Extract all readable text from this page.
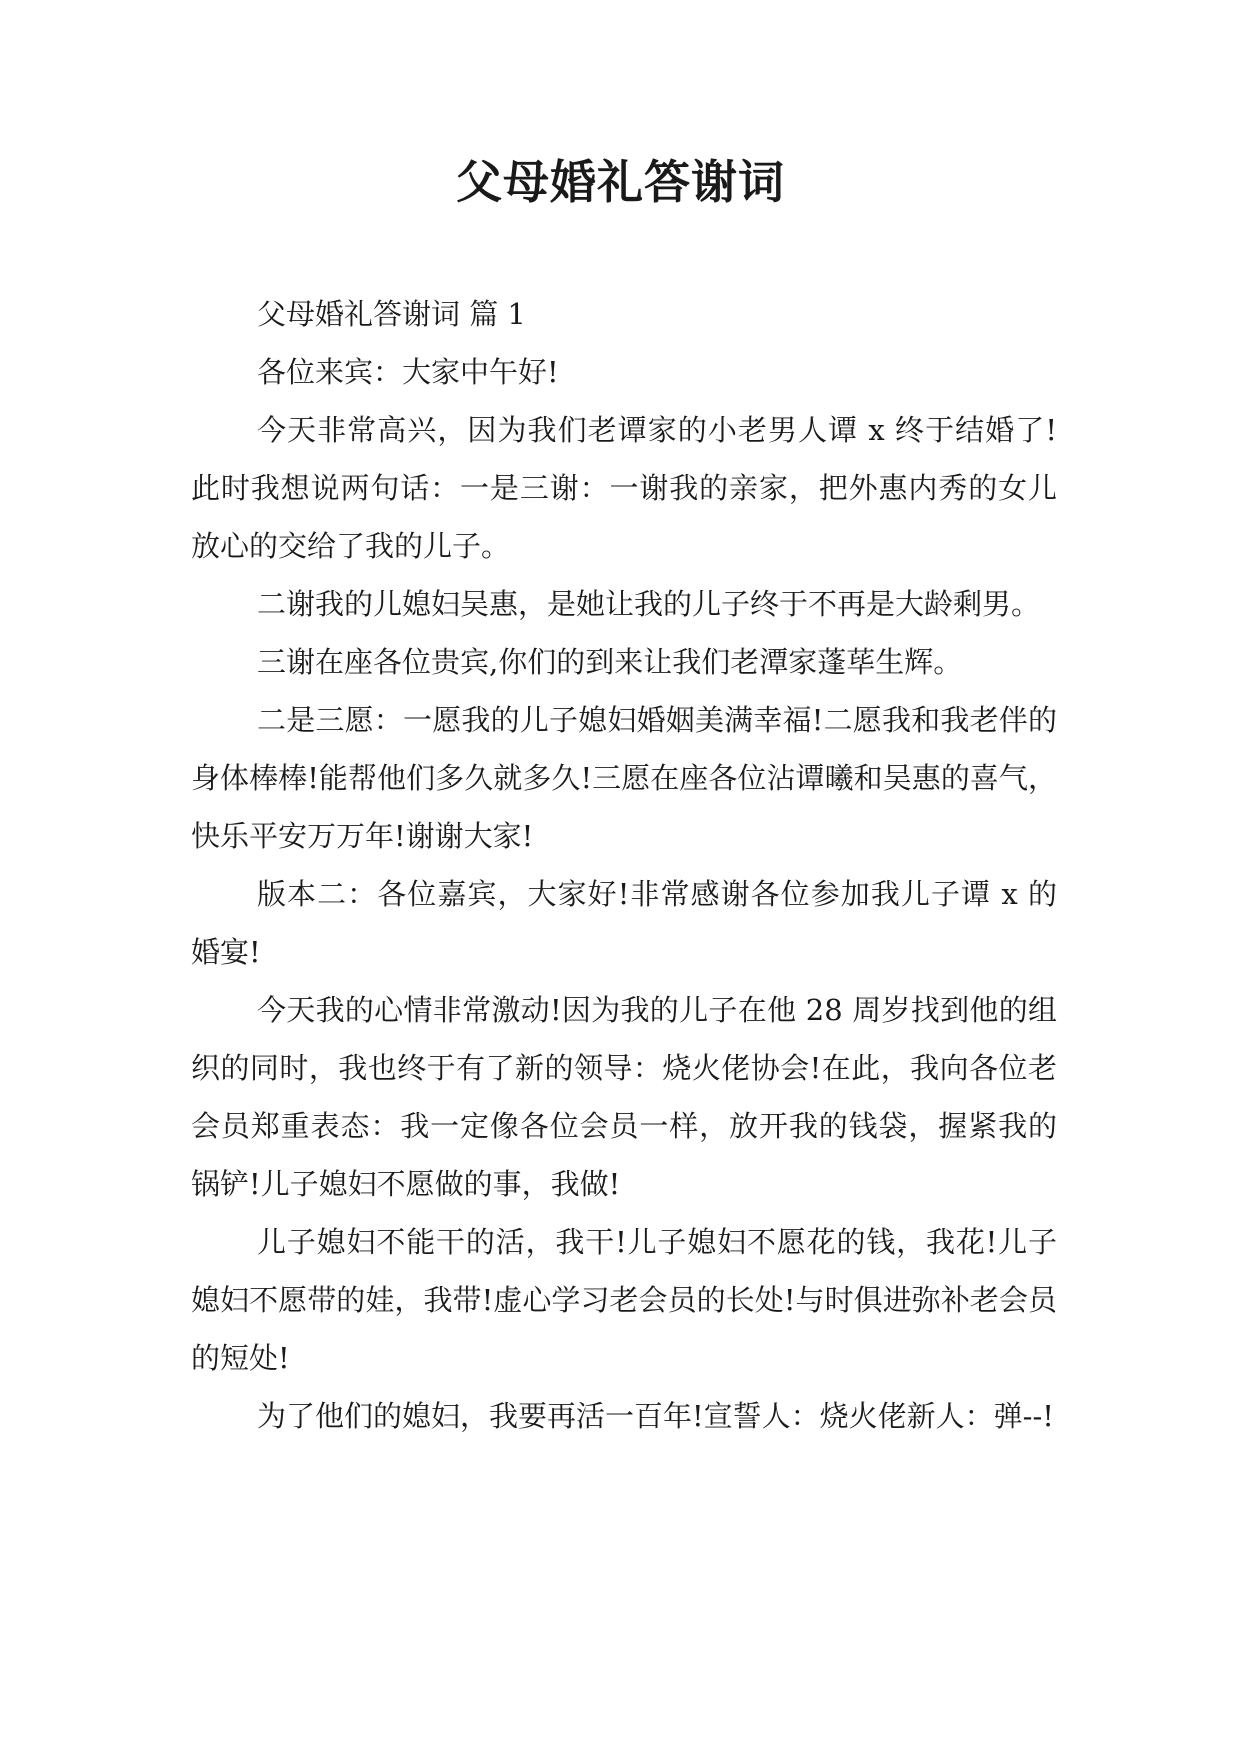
父母婚礼答谢词

父母婚礼答谢词 篇 1

各位来宾：大家中午好!

今天非常高兴，因为我们老谭家的小老男人谭 x 终于结婚了!此时我想说两句话：一是三谢：一谢我的亲家，把外惠内秀的女儿放心的交给了我的儿子。

二谢我的儿媳妇吴惠，是她让我的儿子终于不再是大龄剩男。

三谢在座各位贵宾,你们的到来让我们老潭家蓬荜生辉。

二是三愿：一愿我的儿子媳妇婚姻美满幸福!二愿我和我老伴的身体棒棒!能帮他们多久就多久!三愿在座各位沾谭曦和吴惠的喜气，快乐平安万万年!谢谢大家!

版本二：各位嘉宾，大家好!非常感谢各位参加我儿子谭 x 的婚宴!

今天我的心情非常激动!因为我的儿子在他 28 周岁找到他的组织的同时，我也终于有了新的领导：烧火佬协会!在此，我向各位老会员郑重表态：我一定像各位会员一样，放开我的钱袋，握紧我的锅铲!儿子媳妇不愿做的事，我做!

儿子媳妇不能干的活，我干!儿子媳妇不愿花的钱，我花!儿子媳妇不愿带的娃，我带!虚心学习老会员的长处!与时俱进弥补老会员的短处!

为了他们的媳妇，我要再活一百年!宣誓人：烧火佬新人：弹--!
